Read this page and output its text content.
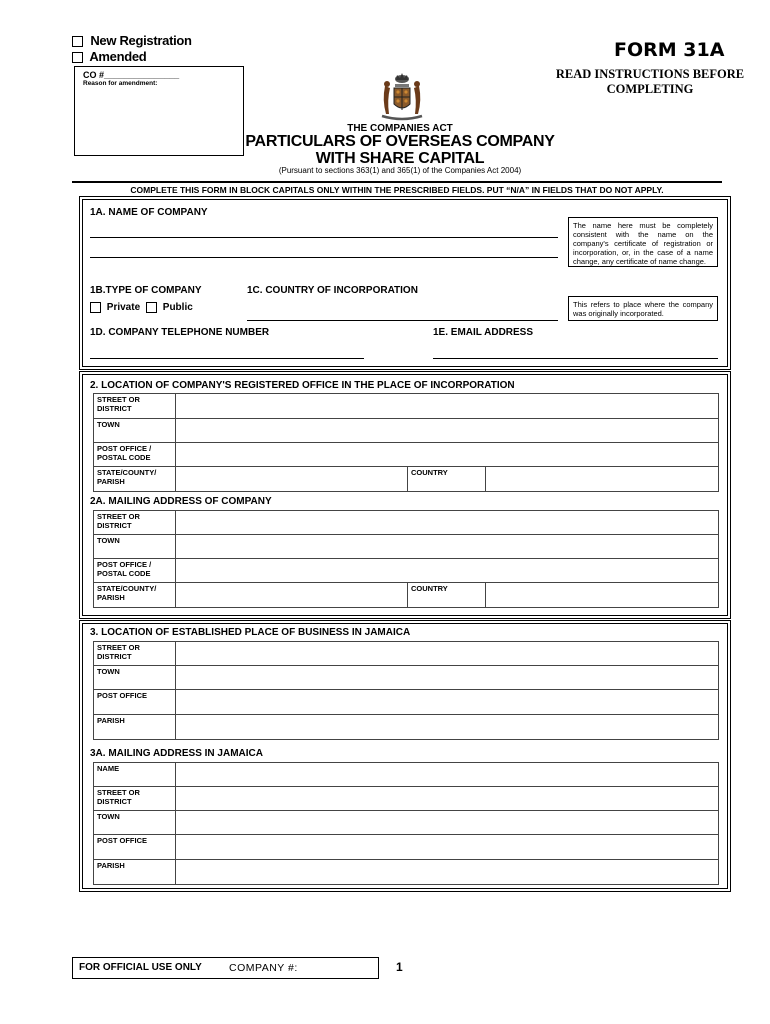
New Registration
Amended
CO #_______________
Reason for amendment:
FORM 31A
READ INSTRUCTIONS BEFORE COMPLETING
THE COMPANIES ACT
PARTICULARS OF OVERSEAS COMPANY
WITH SHARE CAPITAL
(Pursuant to sections 363(1) and 365(1) of the Companies Act 2004)
COMPLETE THIS FORM IN BLOCK CAPITALS ONLY WITHIN THE PRESCRIBED FIELDS. PUT “N/A” IN FIELDS THAT DO NOT APPLY.
1A. NAME OF COMPANY
The name here must be completely consistent with the name on the company's certificate of registration or incorporation, or, in the case of a name change, any certificate of name change.
1B.TYPE OF COMPANY
Private	Public
1C. COUNTRY OF INCORPORATION
This refers to place where the company was originally incorporated.
1D. COMPANY TELEPHONE NUMBER	1E. EMAIL ADDRESS
2. LOCATION OF COMPANY'S REGISTERED OFFICE IN THE PLACE OF INCORPORATION
STREET OR DISTRICT			
TOWN			
POST OFFICE / POSTAL CODE			
STATE/COUNTY/ PARISH		COUNTRY	
2A. MAILING ADDRESS OF COMPANY
STREET OR DISTRICT			
TOWN			
POST OFFICE / POSTAL CODE			
STATE/COUNTY/ PARISH		COUNTRY	
3. LOCATION OF ESTABLISHED PLACE OF BUSINESS IN JAMAICA
STREET OR DISTRICT	
TOWN	
POST OFFICE	
PARISH	
3A. MAILING ADDRESS IN JAMAICA
NAME	
STREET OR DISTRICT	
TOWN	
POST OFFICE	
PARISH	
FOR OFFICIAL USE ONLY	COMPANY #:	1
